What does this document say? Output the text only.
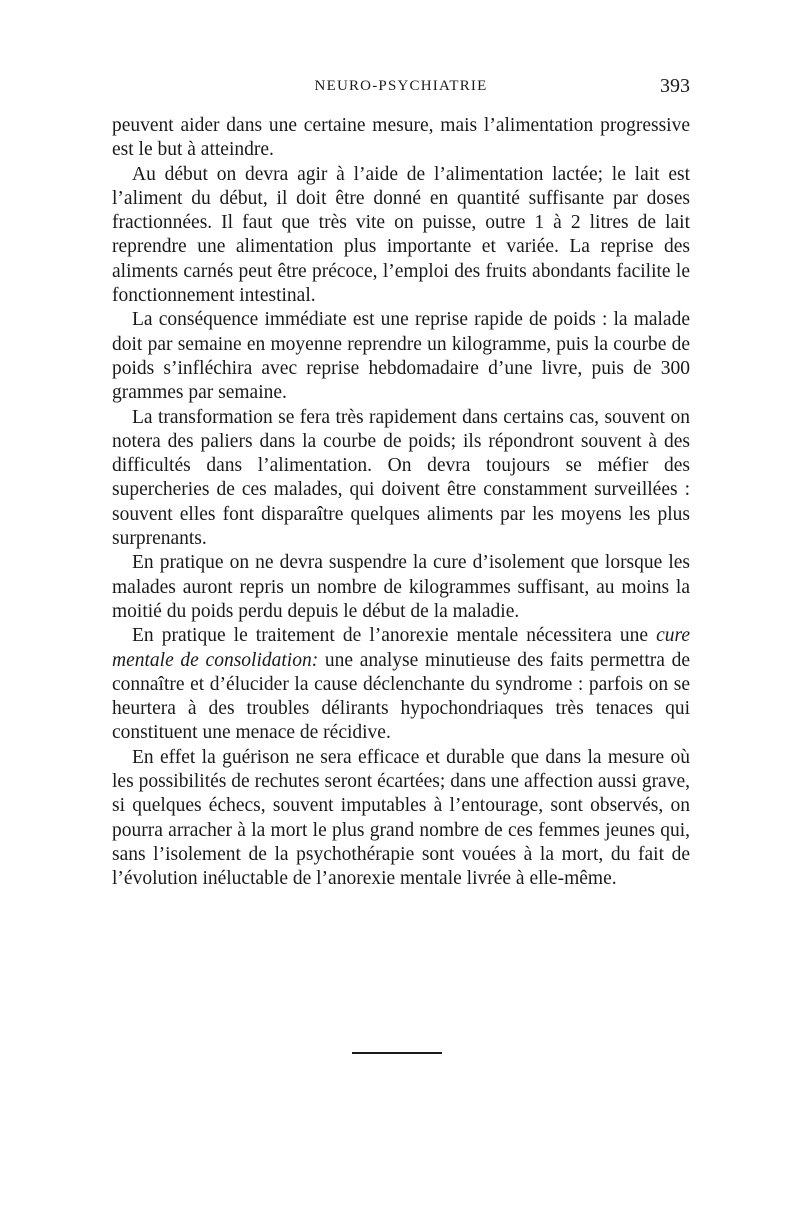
NEURO-PSYCHIATRIE	393

peuvent aider dans une certaine mesure, mais l’alimentation progressive est le but à atteindre.

Au début on devra agir à l’aide de l’alimentation lactée; le lait est l’aliment du début, il doit être donné en quantité suffisante par doses fractionnées. Il faut que très vite on puisse, outre 1 à 2 litres de lait reprendre une alimentation plus importante et variée. La reprise des aliments carnés peut être précoce, l’emploi des fruits abondants facilite le fonctionnement intestinal.

La conséquence immédiate est une reprise rapide de poids : la malade doit par semaine en moyenne reprendre un kilogramme, puis la courbe de poids s’infléchira avec reprise hebdomadaire d’une livre, puis de 300 grammes par semaine.

La transformation se fera très rapidement dans certains cas, souvent on notera des paliers dans la courbe de poids; ils répondront souvent à des difficultés dans l’alimentation. On devra toujours se méfier des supercheries de ces malades, qui doivent être constamment surveillées : souvent elles font disparaître quelques aliments par les moyens les plus surprenants.

En pratique on ne devra suspendre la cure d’isolement que lorsque les malades auront repris un nombre de kilogrammes suffisant, au moins la moitié du poids perdu depuis le début de la maladie.

En pratique le traitement de l’anorexie mentale nécessitera une cure mentale de consolidation: une analyse minutieuse des faits permettra de connaître et d’élucider la cause déclenchante du syndrome : parfois on se heurtera à des troubles délirants hypochondriaques très tenaces qui constituent une menace de récidive.

En effet la guérison ne sera efficace et durable que dans la mesure où les possibilités de rechutes seront écartées; dans une affection aussi grave, si quelques échecs, souvent imputables à l’entourage, sont observés, on pourra arracher à la mort le plus grand nombre de ces femmes jeunes qui, sans l’isolement de la psychothérapie sont vouées à la mort, du fait de l’évolution inéluctable de l’anorexie mentale livrée à elle-même.
